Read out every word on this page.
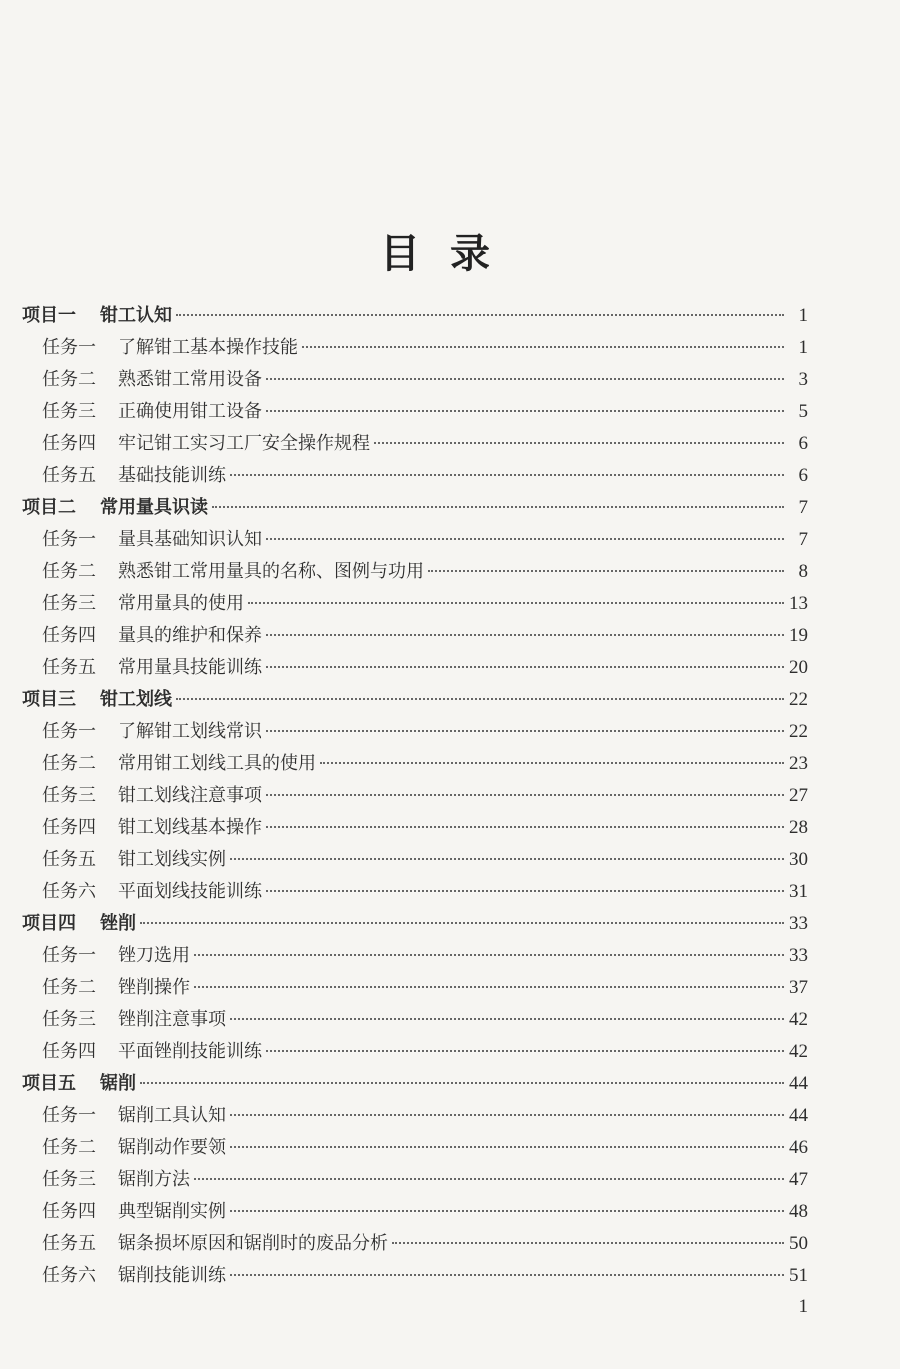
目录
项目一	钳工认知	1
任务一	了解钳工基本操作技能	1
任务二	熟悉钳工常用设备	3
任务三	正确使用钳工设备	5
任务四	牢记钳工实习工厂安全操作规程	6
任务五	基础技能训练	6
项目二	常用量具识读	7
任务一	量具基础知识认知	7
任务二	熟悉钳工常用量具的名称、图例与功用	8
任务三	常用量具的使用	13
任务四	量具的维护和保养	19
任务五	常用量具技能训练	20
项目三	钳工划线	22
任务一	了解钳工划线常识	22
任务二	常用钳工划线工具的使用	23
任务三	钳工划线注意事项	27
任务四	钳工划线基本操作	28
任务五	钳工划线实例	30
任务六	平面划线技能训练	31
项目四	锉削	33
任务一	锉刀选用	33
任务二	锉削操作	37
任务三	锉削注意事项	42
任务四	平面锉削技能训练	42
项目五	锯削	44
任务一	锯削工具认知	44
任务二	锯削动作要领	46
任务三	锯削方法	47
任务四	典型锯削实例	48
任务五	锯条损坏原因和锯削时的废品分析	50
任务六	锯削技能训练	51
1
